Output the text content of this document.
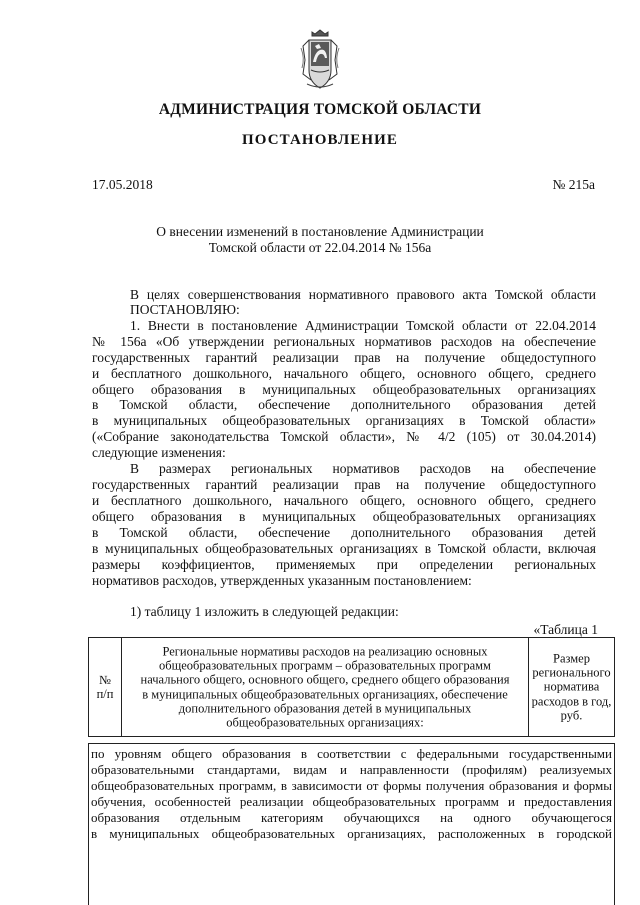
АДМИНИСТРАЦИЯ ТОМСКОЙ ОБЛАСТИ
ПОСТАНОВЛЕНИЕ
17.05.2018	№ 215а
О внесении изменений в постановление Администрации
Томской области от 22.04.2014 № 156а
В целях совершенствования нормативного правового акта Томской области
ПОСТАНОВЛЯЮ:
1. Внести в постановление Администрации Томской области от 22.04.2014
№ 156а «Об утверждении региональных нормативов расходов на обеспечение
государственных гарантий реализации прав на получение общедоступного
и бесплатного дошкольного, начального общего, основного общего, среднего
общего образования в муниципальных общеобразовательных организациях
в Томской области, обеспечение дополнительного образования детей
в муниципальных общеобразовательных организациях в Томской области»
(«Собрание законодательства Томской области», № 4/2 (105) от 30.04.2014)
следующие изменения:
В размерах региональных нормативов расходов на обеспечение
государственных гарантий реализации прав на получение общедоступного
и бесплатного дошкольного, начального общего, основного общего, среднего
общего образования в муниципальных общеобразовательных организациях
в Томской области, обеспечение дополнительного образования детей
в муниципальных общеобразовательных организациях в Томской области, включая
размеры коэффициентов, применяемых при определении региональных
нормативов расходов, утвержденных указанным постановлением:
1) таблицу 1 изложить в следующей редакции:
«Таблица 1
№
п/п
Региональные нормативы расходов на реализацию основных
общеобразовательных программ – образовательных программ
начального общего, основного общего, среднего общего образования
в муниципальных общеобразовательных организациях, обеспечение
дополнительного образования детей в муниципальных
общеобразовательных организациях:
Размер
регионального
норматива
расходов в год,
руб.
по уровням общего образования в соответствии с федеральными государственными
образовательными стандартами, видам и направленности (профилям) реализуемых
общеобразовательных программ, в зависимости от формы получения образования и формы
обучения, особенностей реализации общеобразовательных программ и предоставления
образования отдельным категориям обучающихся на одного обучающегося
в муниципальных общеобразовательных организациях, расположенных в городской
